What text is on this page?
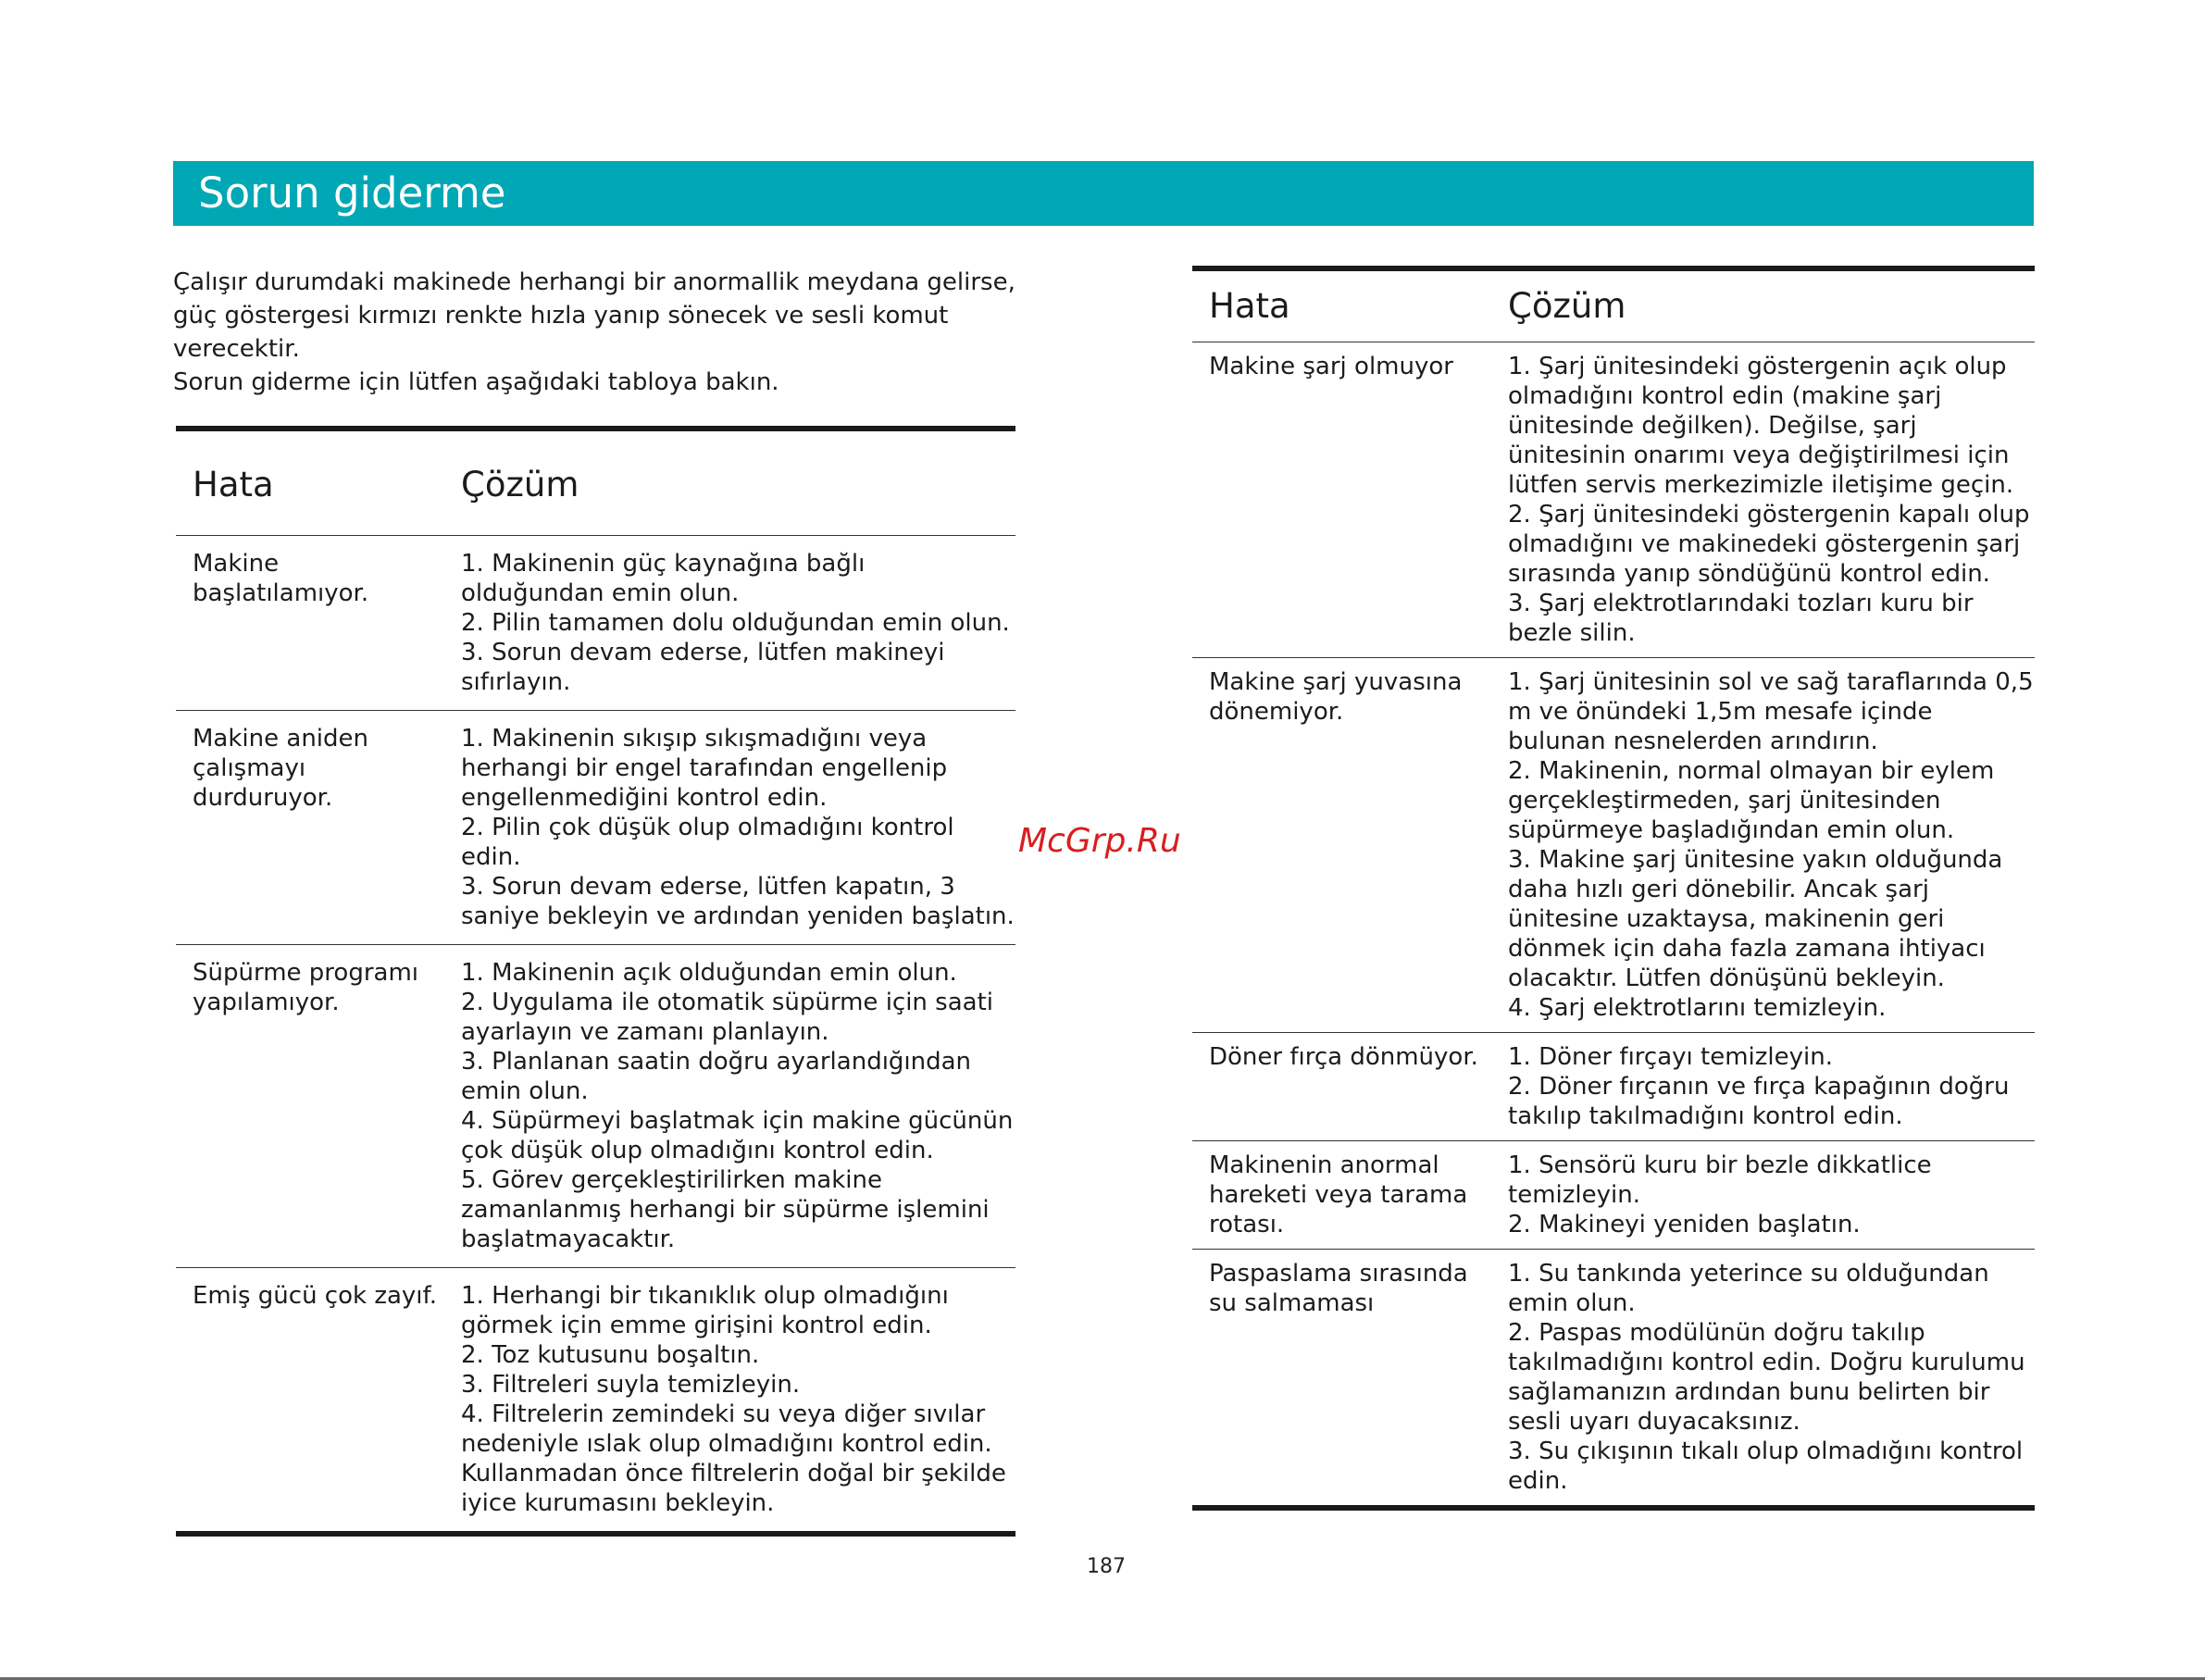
Sorun giderme

Çalışır durumdaki makinede herhangi bir anormallik meydana gelirse, güç göstergesi kırmızı renkte hızla yanıp sönecek ve sesli komut verecektir.

Sorun giderme için lütfen aşağıdaki tabloya bakın.

Hata	Çözüm
Makine başlatılamıyor.	1. Makinenin güç kaynağına bağlı olduğundan emin olun.
2. Pilin tamamen dolu olduğundan emin olun.
3. Sorun devam ederse, lütfen makineyi sıfırlayın.
Makine aniden çalışmayı durduruyor.	1. Makinenin sıkışıp sıkışmadığını veya herhangi bir engel tarafından engellenip engellenmediğini kontrol edin.
2. Pilin çok düşük olup olmadığını kontrol edin.
3. Sorun devam ederse, lütfen kapatın, 3 saniye bekleyin ve ardından yeniden başlatın.
Süpürme programı yapılamıyor.	1. Makinenin açık olduğundan emin olun.
2. Uygulama ile otomatik süpürme için saati ayarlayın ve zamanı planlayın.
3. Planlanan saatin doğru ayarlandığından emin olun.
4. Süpürmeyi başlatmak için makine gücünün çok düşük olup olmadığını kontrol edin.
5. Görev gerçekleştirilirken makine zamanlanmış herhangi bir süpürme işlemini başlatmayacaktır.
Emiş gücü çok zayıf.	1. Herhangi bir tıkanıklık olup olmadığını görmek için emme girişini kontrol edin.
2. Toz kutusunu boşaltın.
3. Filtreleri suyla temizleyin.
4. Filtrelerin zemindeki su veya diğer sıvılar nedeniyle ıslak olup olmadığını kontrol edin. Kullanmadan önce filtrelerin doğal bir şekilde iyice kurumasını bekleyin.
Hata	Çözüm
Makine şarj olmuyor	1. Şarj ünitesindeki göstergenin açık olup olmadığını kontrol edin (makine şarj ünitesinde değilken). Değilse, şarj ünitesinin onarımı veya değiştirilmesi için lütfen servis merkezimizle iletişime geçin.
2. Şarj ünitesindeki göstergenin kapalı olup olmadığını ve makinedeki göstergenin şarj sırasında yanıp söndüğünü kontrol edin.
3. Şarj elektrotlarındaki tozları kuru bir bezle silin.
Makine şarj yuvasına dönemiyor.	1. Şarj ünitesinin sol ve sağ taraflarında 0,5 m ve önündeki 1,5m mesafe içinde bulunan nesnelerden arındırın.
2. Makinenin, normal olmayan bir eylem gerçekleştirmeden, şarj ünitesinden süpürmeye başladığından emin olun.
3. Makine şarj ünitesine yakın olduğunda daha hızlı geri dönebilir. Ancak şarj ünitesine uzaktaysa, makinenin geri dönmek için daha fazla zamana ihtiyacı olacaktır. Lütfen dönüşünü bekleyin.
4. Şarj elektrotlarını temizleyin.
Döner fırça dönmüyor.	1. Döner fırçayı temizleyin.
2. Döner fırçanın ve fırça kapağının doğru takılıp takılmadığını kontrol edin.
Makinenin anormal hareketi veya tarama rotası.	1. Sensörü kuru bir bezle dikkatlice temizleyin.
2. Makineyi yeniden başlatın.
Paspaslama sırasında su salmaması	1. Su tankında yeterince su olduğundan emin olun.
2. Paspas modülünün doğru takılıp takılmadığını kontrol edin. Doğru kurulumu sağlamanızın ardından bunu belirten bir sesli uyarı duyacaksınız.
3. Su çıkışının tıkalı olup olmadığını kontrol edin.
McGrp.Ru
187
